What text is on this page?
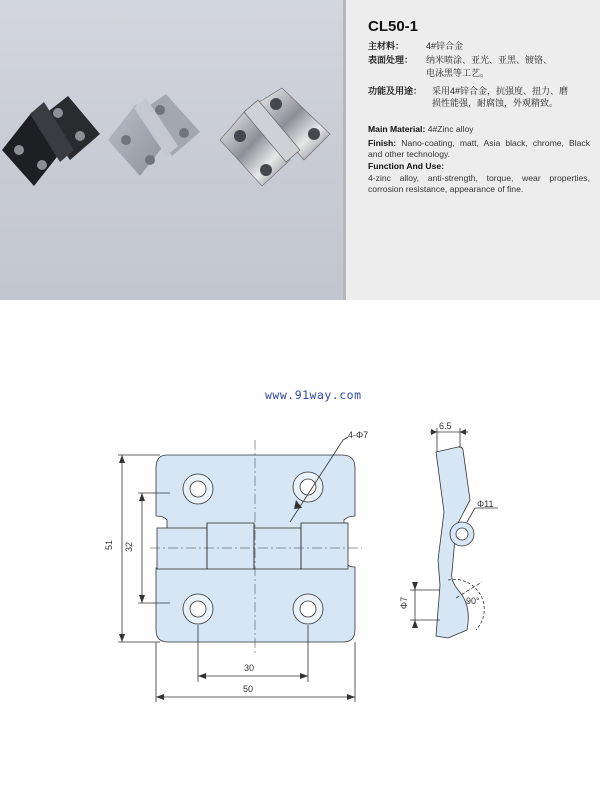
CL50-1
主材料： 4#锌合金
表面处理： 纳米喷涂、亚光、亚黑、镀铬、
电泳黑等工艺。
功能及用途： 采用4#锌合金，抗强度、扭力、磨
损性能强，耐腐蚀，外观精致。
Main Material: 4#Zinc alloy
Finish: Nano-coating, matt, Asia black, chrome, Black and other technology.
Function And Use:
4-zinc alloy, anti-strength, torque, wear properties, corrosion resistance, appearance of fine.
www.91way.com
4-Φ7
6.5
Φ11
51 32
30
50
Φ7	90°
